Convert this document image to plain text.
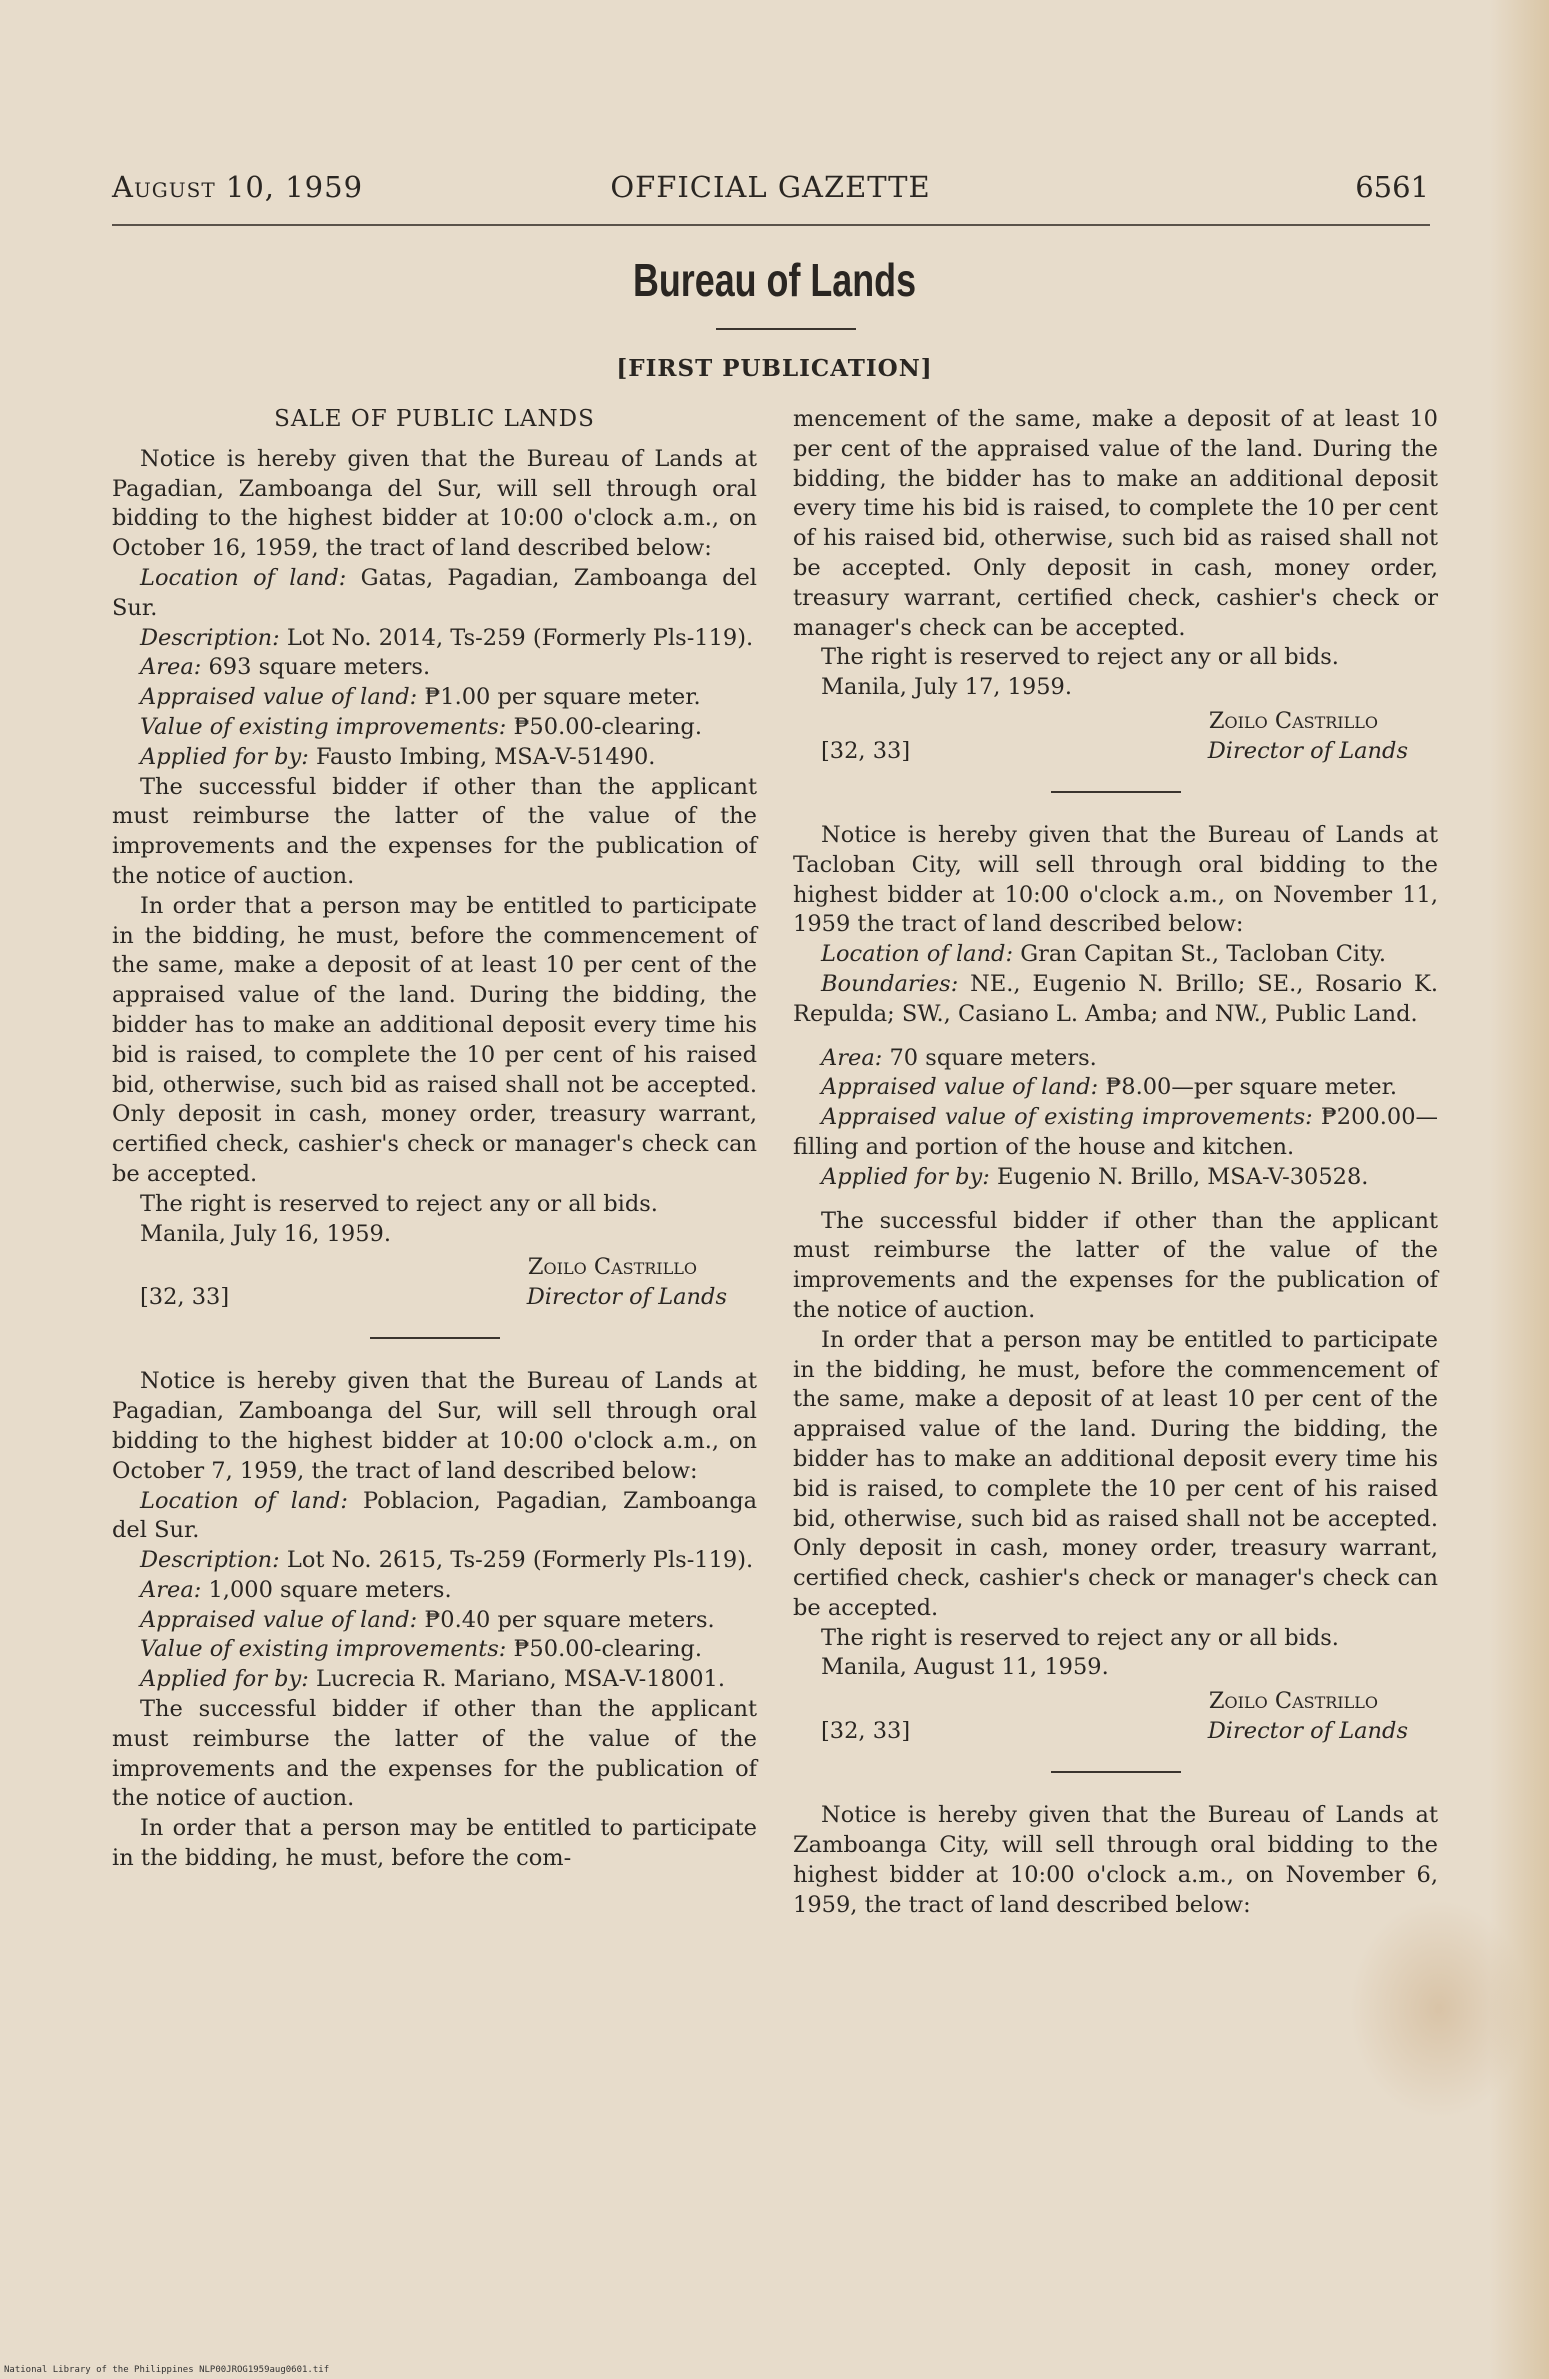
August 10, 1959	OFFICIAL GAZETTE	6561
Bureau of Lands
[FIRST PUBLICATION]
SALE OF PUBLIC LANDS

Notice is hereby given that the Bureau of Lands at Pagadian, Zamboanga del Sur, will sell through oral bidding to the highest bidder at 10:00 o'clock a.m., on October 16, 1959, the tract of land described below:

Location of land: Gatas, Pagadian, Zamboanga del Sur.

Description: Lot No. 2014, Ts-259 (Formerly Pls-119).

Area: 693 square meters.

Appraised value of land: ₱1.00 per square meter.

Value of existing improvements: ₱50.00-clearing.

Applied for by: Fausto Imbing, MSA-V-51490.

The successful bidder if other than the applicant must reimburse the latter of the value of the improvements and the expenses for the publication of the notice of auction.

In order that a person may be entitled to participate in the bidding, he must, before the commencement of the same, make a deposit of at least 10 per cent of the appraised value of the land. During the bidding, the bidder has to make an additional deposit every time his bid is raised, to complete the 10 per cent of his raised bid, otherwise, such bid as raised shall not be accepted. Only deposit in cash, money order, treasury warrant, certified check, cashier's check or manager's check can be accepted.

The right is reserved to reject any or all bids.

Manila, July 16, 1959.

Zoilo Castrillo
[32, 33]	Director of Lands

Notice is hereby given that the Bureau of Lands at Pagadian, Zamboanga del Sur, will sell through oral bidding to the highest bidder at 10:00 o'clock a.m., on October 7, 1959, the tract of land described below:

Location of land: Poblacion, Pagadian, Zamboanga del Sur.

Description: Lot No. 2615, Ts-259 (Formerly Pls-119).

Area: 1,000 square meters.

Appraised value of land: ₱0.40 per square meters.

Value of existing improvements: ₱50.00-clearing.

Applied for by: Lucrecia R. Mariano, MSA-V-18001.

The successful bidder if other than the applicant must reimburse the latter of the value of the improvements and the expenses for the publication of the notice of auction.

In order that a person may be entitled to participate in the bidding, he must, before the com-

mencement of the same, make a deposit of at least 10 per cent of the appraised value of the land. During the bidding, the bidder has to make an additional deposit every time his bid is raised, to complete the 10 per cent of his raised bid, otherwise, such bid as raised shall not be accepted. Only deposit in cash, money order, treasury warrant, certified check, cashier's check or manager's check can be accepted.

The right is reserved to reject any or all bids.

Manila, July 17, 1959.

Zoilo Castrillo
[32, 33]	Director of Lands

Notice is hereby given that the Bureau of Lands at Tacloban City, will sell through oral bidding to the highest bidder at 10:00 o'clock a.m., on November 11, 1959 the tract of land described below:

Location of land: Gran Capitan St., Tacloban City.

Boundaries: NE., Eugenio N. Brillo; SE., Rosario K. Repulda; SW., Casiano L. Amba; and NW., Public Land.

Area: 70 square meters.

Appraised value of land: ₱8.00—per square meter.

Appraised value of existing improvements: ₱200.00—filling and portion of the house and kitchen.

Applied for by: Eugenio N. Brillo, MSA-V-30528.

The successful bidder if other than the applicant must reimburse the latter of the value of the improvements and the expenses for the publication of the notice of auction.

In order that a person may be entitled to participate in the bidding, he must, before the commencement of the same, make a deposit of at least 10 per cent of the appraised value of the land. During the bidding, the bidder has to make an additional deposit every time his bid is raised, to complete the 10 per cent of his raised bid, otherwise, such bid as raised shall not be accepted. Only deposit in cash, money order, treasury warrant, certified check, cashier's check or manager's check can be accepted.

The right is reserved to reject any or all bids.

Manila, August 11, 1959.

Zoilo Castrillo
[32, 33]	Director of Lands

Notice is hereby given that the Bureau of Lands at Zamboanga City, will sell through oral bidding to the highest bidder at 10:00 o'clock a.m., on November 6, 1959, the tract of land described below:

National Library of the Philippines NLP00JROG1959aug0601.tif
